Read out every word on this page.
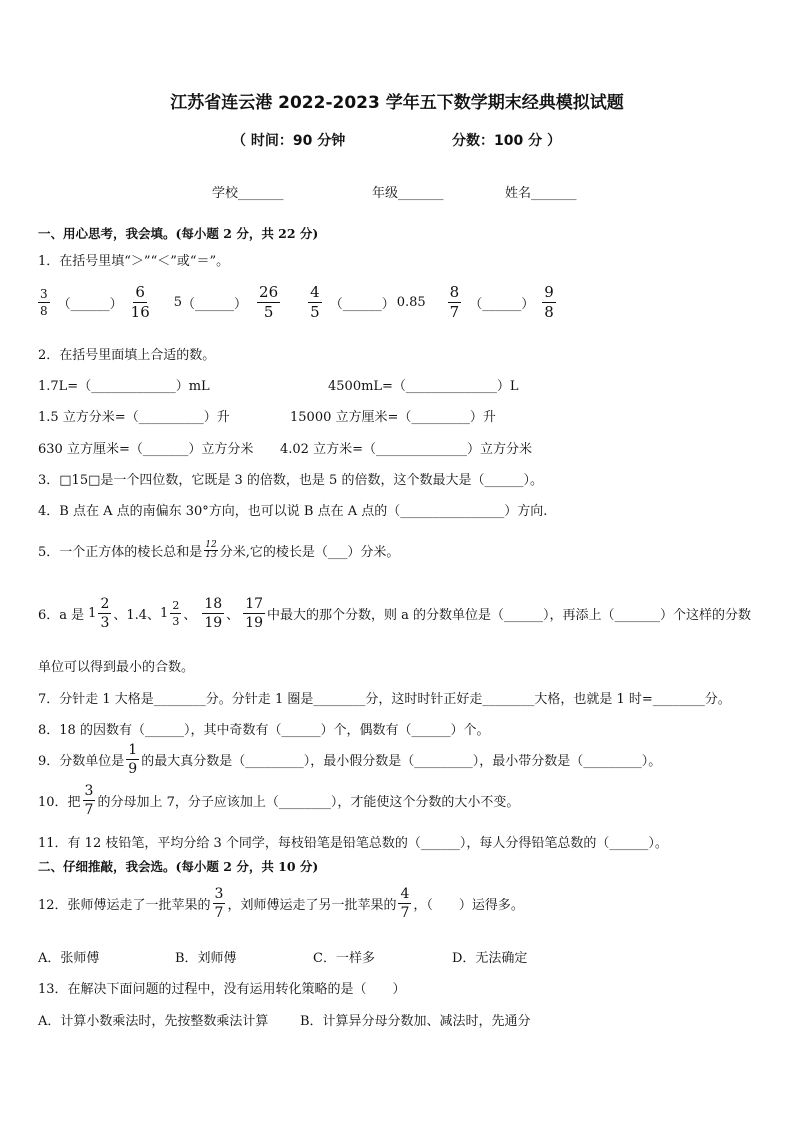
江苏省连云港 2022-2023 学年五下数学期末经典模拟试题
（ 时间：90 分钟	分数：100 分 ）
学校_______	年级_______	姓名_______
一、用心思考，我会填。(每小题 2 分，共 22 分)
1．在括号里填“＞”“＜”或“＝”。
$\frac{3}{8}$ （______） $\frac{6}{16} 5$ （______） $\frac{26}{5} \frac{4}{5}$ （______） $0.85 \frac{8}{7}$ （______） $\frac{9}{8}$
2．在括号里面填上合适的数。
1.7L=（_____________）mL	4500mL=（______________）L
1.5 立方分米=（__________）升	15000 立方厘米=（_________）升
630 立方厘米=（_______）立方分米 4.02 立方米=（______________）立方分米
3．□15□是一个四位数，它既是 3 的倍数，也是 5 的倍数，这个数最大是（______）。
4．B 点在 A 点的南偏东 30°方向，也可以说 B 点在 A 点的（________________）方向.
5．一个正方体的棱长总和是 $\frac{12}{13}$ 分米,它的棱长是（___）分米。
6．a 是 $1 \frac{2}{3}$ 、1.4、 $1 \frac{2}{3}$ 、 $\frac{18}{19}$ 、 $\frac{17}{19}$ 中最大的那个分数，则 a 的分数单位是（______），再添上（_______）个这样的分数
单位可以得到最小的合数。
7．分针走 1 大格是________分。分针走 1 圈是________分，这时时针正好走________大格，也就是 1 时=________分。
8．18 的因数有（______），其中奇数有（______）个，偶数有（______）个。
9．分数单位是 $\frac{1}{9}$ 的最大真分数是（_________），最小假分数是（_________），最小带分数是（_________）。
10．把 $\frac{3}{7}$ 的分母加上 7，分子应该加上（________），才能使这个分数的大小不变。
11．有 12 枝铅笔，平均分给 3 个同学，每枝铅笔是铅笔总数的（______），每人分得铅笔总数的（______）。
二、仔细推敲，我会选。(每小题 2 分，共 10 分)
12．张师傅运走了一批苹果的 $\frac{3}{7}$ ，刘师傅运走了另一批苹果的 $\frac{4}{7}$ ，（　　）运得多。
A．张师傅	B．刘师傅	C．一样多	D．无法确定
13．在解决下面问题的过程中，没有运用转化策略的是（　　）
A．计算小数乘法时，先按整数乘法计算 B．计算异分母分数加、减法时，先通分
